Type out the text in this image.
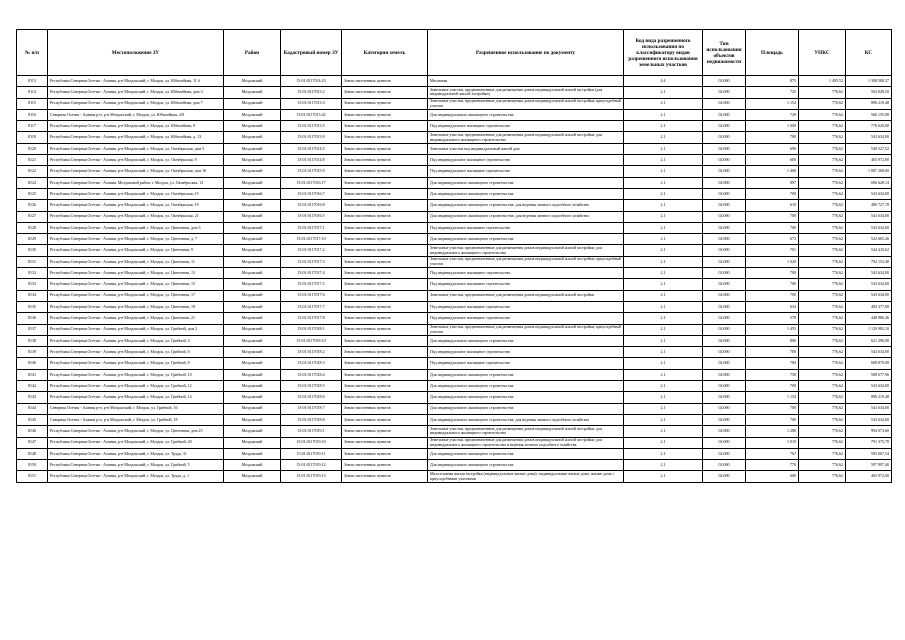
№ п/п	Местоположение ЗУ	Район	Кадастровый номер ЗУ	Категория земель	Разрешенное использование по документу	Код вида разрешенного использования по классификатору видов разрешенного использования земельных участков	Тип использования объектов недвижимости	Площадь	УПКС	КС
8113	Республика Северная Осетия - Алания, р-н Моздокский, г. Моздок, ул. Юбилейная, 11 б	Моздокский	15:01:0117014:23	Земли населенных пунктов	Магазины	4.4	02:000	875	1 495,52	1 308 580,37
8114	Республика Северная Осетия - Алания, р-н Моздокский, г. Моздок, ул. Юбилейная, дом 3	Моздокский	15:01:0117013:2	Земли населенных пунктов	Земельные участки, предназначенные для размещения домов индивидуальной жилой застройки (для индивидуальной жилой застройки)	2.1	02:000	725	776,62	563 049,50
8115	Республика Северная Осетия - Алания, р-н Моздокский, г. Моздок, ул. Юбилейная, дом 7	Моздокский	15:01:0117013:3	Земли населенных пунктов	Земельные участки, предназначенные для размещения домов индивидуальной жилой застройки; приусадебный участок	2.1	02:000	1 154	776,62	896 219,48
8116	Северная Осетия - Алания р-н, р-н Моздокский, г. Моздок, ул. Юбилейная, 4/8	Моздокский	15:01:0117013:42	Земли населенных пунктов	Для индивидуального жилищного строительства	2.1	02:000	729	776,62	566 155,98
8117	Республика Северная Осетия - Алания, р-н Моздокский, г. Моздок, ул. Юбилейная, 9	Моздокский	15:01:0117013:5	Земли населенных пунктов	Под индивидуальное жилищное строительство	2.1	02:000	1 000	776,62	776 620,00
8118	Республика Северная Осетия - Алания, р-н Моздокский, г. Моздок, ул. Юбилейная, д. 13	Моздокский	15:01:0117013:9	Земли населенных пунктов	Земельные участки, предназначенные для размещения домов индивидуальной жилой застройки; для индивидуального жилищного строительства	2.1	02:000	700	776,62	543 634,00
8120	Республика Северная Осетия - Алания, р-н Моздокский, г. Моздок, ул. Октябрьская, дом 5	Моздокский	15:01:0117014:5	Земли населенных пунктов	Земельные участки под индивидуальный жилой дом	2.1	02:000	696	776,62	540 527,52
8121	Республика Северная Осетия - Алания, р-н Моздокский, г. Моздок, ул. Октябрьская, 9	Моздокский	15:01:0117014:8	Земли населенных пунктов	Под индивидуальное жилищное строительство	2.1	02:000	600	776,62	465 972,00
8122	Республика Северная Осетия - Алания, р-н Моздокский, г. Моздок, ул. Октябрьская, дом 10	Моздокский	15:01:0117015:9	Земли населенных пунктов	Под индивидуальное жилищное строительство	2.1	02:000	1 400	776,62	1 087 268,00
8124	Республика Северная Осетия - Алания, Моздокский район, г. Моздок, ул. Октябрьская, 13	Моздокский	15:01:0117016:17	Земли населенных пунктов	Для индивидуального жилищного строительства	2.1	02:000	897	776,62	696 628,14
8125	Республика Северная Осетия - Алания, р-н Моздокский, г. Моздок, ул. Октябрьская, 15	Моздокский	15:01:0117016:7	Земли населенных пунктов	Для индивидуального жилищного строительства	2.1	02:000	700	776,62	543 634,00
8126	Республика Северная Осетия - Алания, р-н Моздокский, г. Моздок, ул. Октябрьская, 19	Моздокский	15:01:0117016:8	Земли населенных пунктов	Для индивидуального жилищного строительства; для ведения личного подсобного хозяйства	2.1	02:000	619	776,62	480 727,78
8127	Республика Северная Осетия - Алания, р-н Моздокский, г. Моздок, ул. Октябрьская, 21	Моздокский	15:01:0117016:5	Земли населенных пунктов	Для индивидуального жилищного строительства; для ведения личного подсобного хозяйства	2.1	02:000	700	776,62	543 634,00
8128	Республика Северная Осетия - Алания, р-н Моздокский, г. Моздок, ул. Цветочная, дом 3	Моздокский	15:01:0117017:1	Земли населенных пунктов	Под индивидуальное жилищное строительство	2.1	02:000	700	776,62	543 634,00
8129	Республика Северная Осетия - Алания, р-н Моздокский, г. Моздок, ул. Цветочная, д. 7	Моздокский	15:01:0117017:10	Земли населенных пунктов	Для индивидуального жилищного строительства	2.1	02:000	673	776,62	522 665,26
8130	Республика Северная Осетия - Алания, р-н Моздокский, г. Моздок, ул. Цветочная, 9	Моздокский	15:01:0117017:2	Земли населенных пунктов	Земельные участки, предназначенные для размещения домов индивидуальной жилой застройки; для индивидуального жилищного строительства	2.1	02:000	701	776,62	544 410,62
8131	Республика Северная Осетия - Алания, р-н Моздокский, г. Моздок, ул. Цветочная, 11	Моздокский	15:01:0117017:3	Земли населенных пунктов	Земельные участки, предназначенные для размещения домов индивидуальной жилой застройки; приусадебный участок	2.1	02:000	1 020	776,62	792 152,40
8132	Республика Северная Осетия - Алания, р-н Моздокский, г. Моздок, ул. Цветочная, 13	Моздокский	15:01:0117017:4	Земли населенных пунктов	Под индивидуальное жилищное строительство	2.1	02:000	700	776,62	543 634,00
8133	Республика Северная Осетия - Алания, р-н Моздокский, г. Моздок, ул. Цветочная, 15	Моздокский	15:01:0117017:5	Земли населенных пунктов	Под индивидуальное жилищное строительство	2.1	02:000	700	776,62	543 634,00
8134	Республика Северная Осетия - Алания, р-н Моздокский, г. Моздок, ул. Цветочная, 17	Моздокский	15:01:0117017:6	Земли населенных пунктов	Земельные участки, предназначенные для размещения домов индивидуальной жилой застройки	2.1	02:000	700	776,62	543 634,00
8135	Республика Северная Осетия - Алания, р-н Моздокский, г. Моздок, ул. Цветочная, 19	Моздокский	15:01:0117017:7	Земли населенных пунктов	Под индивидуальное жилищное строительство	2.1	02:000	634	776,62	492 377,08
8136	Республика Северная Осетия - Алания, р-н Моздокский, г. Моздок, ул. Цветочная, 21	Моздокский	15:01:0117017:8	Земли населенных пунктов	Под индивидуальное жилищное строительство	2.1	02:000	578	776,62	448 886,36
8137	Республика Северная Осетия - Алания, р-н Моздокский, г. Моздок, ул. Грибной, дом 2	Моздокский	15:01:0117018:1	Земли населенных пунктов	Земельные участки, предназначенные для размещения домов индивидуальной жилой застройки; приусадебный участок	2.1	02:000	1 455	776,62	1 129 982,10
8138	Республика Северная Осетия - Алания, р-н Моздокский, г. Моздок, ул. Грибной, 4	Моздокский	15:01:0117018:10	Земли населенных пунктов	Для индивидуального жилищного строительства	2.1	02:000	800	776,62	621 296,00
8139	Республика Северная Осетия - Алания, р-н Моздокский, г. Моздок, ул. Грибной, 6	Моздокский	15:01:0117018:2	Земли населенных пунктов	Под индивидуальное жилищное строительство	2.1	02:000	700	776,62	543 634,00
8140	Республика Северная Осетия - Алания, р-н Моздокский, г. Моздок, ул. Грибной, 8	Моздокский	15:01:0117018:3	Земли населенных пунктов	Под индивидуальное жилищное строительство	2.1	02:000	784	776,62	608 870,08
8141	Республика Северная Осетия - Алания, р-н Моздокский, г. Моздок, ул. Грибной, 10	Моздокский	15:01:0117018:4	Земли населенных пунктов	Для индивидуального жилищного строительства	2.1	02:000	758	776,62	588 677,96
8142	Республика Северная Осетия - Алания, р-н Моздокский, г. Моздок, ул. Грибной, 12	Моздокский	15:01:0117018:5	Земли населенных пунктов	Для индивидуального жилищного строительства	2.1	02:000	700	776,62	543 634,00
8143	Республика Северная Осетия - Алания, р-н Моздокский, г. Моздок, ул. Грибной, 14	Моздокский	15:01:0117018:6	Земли населенных пунктов	Для индивидуального жилищного строительства	2.1	02:000	1 154	776,62	896 219,48
8144	Северная Осетия - Алания р-н, р-н Моздокский, г. Моздок, ул. Грибной, 16	Моздокский	15:01:0117018:7	Земли населенных пунктов	Для индивидуального жилищного строительства	2.1	02:000	700	776,62	543 634,00
8145	Северная Осетия - Алания р-н, р-н Моздокский, г. Моздок, ул. Грибной, 18	Моздокский	15:01:0117018:8	Земли населенных пунктов	Для индивидуального жилищного строительства; для ведения личного подсобного хозяйства	2.1	02:000	700	776,62	543 634,00
8146	Республика Северная Осетия - Алания, р-н Моздокский, г. Моздок, ул. Цветочная, дом 23	Моздокский	15:01:0117019:1	Земли населенных пунктов	Земельные участки, предназначенные для размещения домов индивидуальной жилой застройки; для индивидуального жилищного строительства	2.1	02:000	1 280	776,62	994 073,60
8147	Республика Северная Осетия - Алания, р-н Моздокский, г. Моздок, ул. Грибной, 20	Моздокский	15:01:0117019:10	Земли населенных пунктов	Земельные участки, предназначенные для размещения домов индивидуальной жилой застройки; для индивидуального жилищного строительства и ведения личного подсобного хозяйства	2.1	02:000	1 019	776,62	791 375,78
8148	Республика Северная Осетия - Алания, р-н Моздокский, г. Моздок, ул. Труда, 31	Моздокский	15:01:0117019:11	Земли населенных пунктов	Для индивидуального жилищного строительства	2.1	02:000	767	776,62	595 667,54
8150	Республика Северная Осетия - Алания, р-н Моздокский, г. Моздок, ул. Грибной, 5	Моздокский	15:01:0117019:12	Земли населенных пунктов	Для индивидуального жилищного строительства	2.1	02:000	770	776,62	597 997,40
8151	Республика Северная Осетия - Алания, р-н Моздокский, г. Моздок, ул. Труда, д. 1	Моздокский	15:01:0117019:13	Земли населенных пунктов	Малоэтажная жилая застройка (индивидуальные жилые дома); индивидуальные жилые дома, жилые дома с приусадебными участками	2.1	02:000	600	776,62	465 972,00
